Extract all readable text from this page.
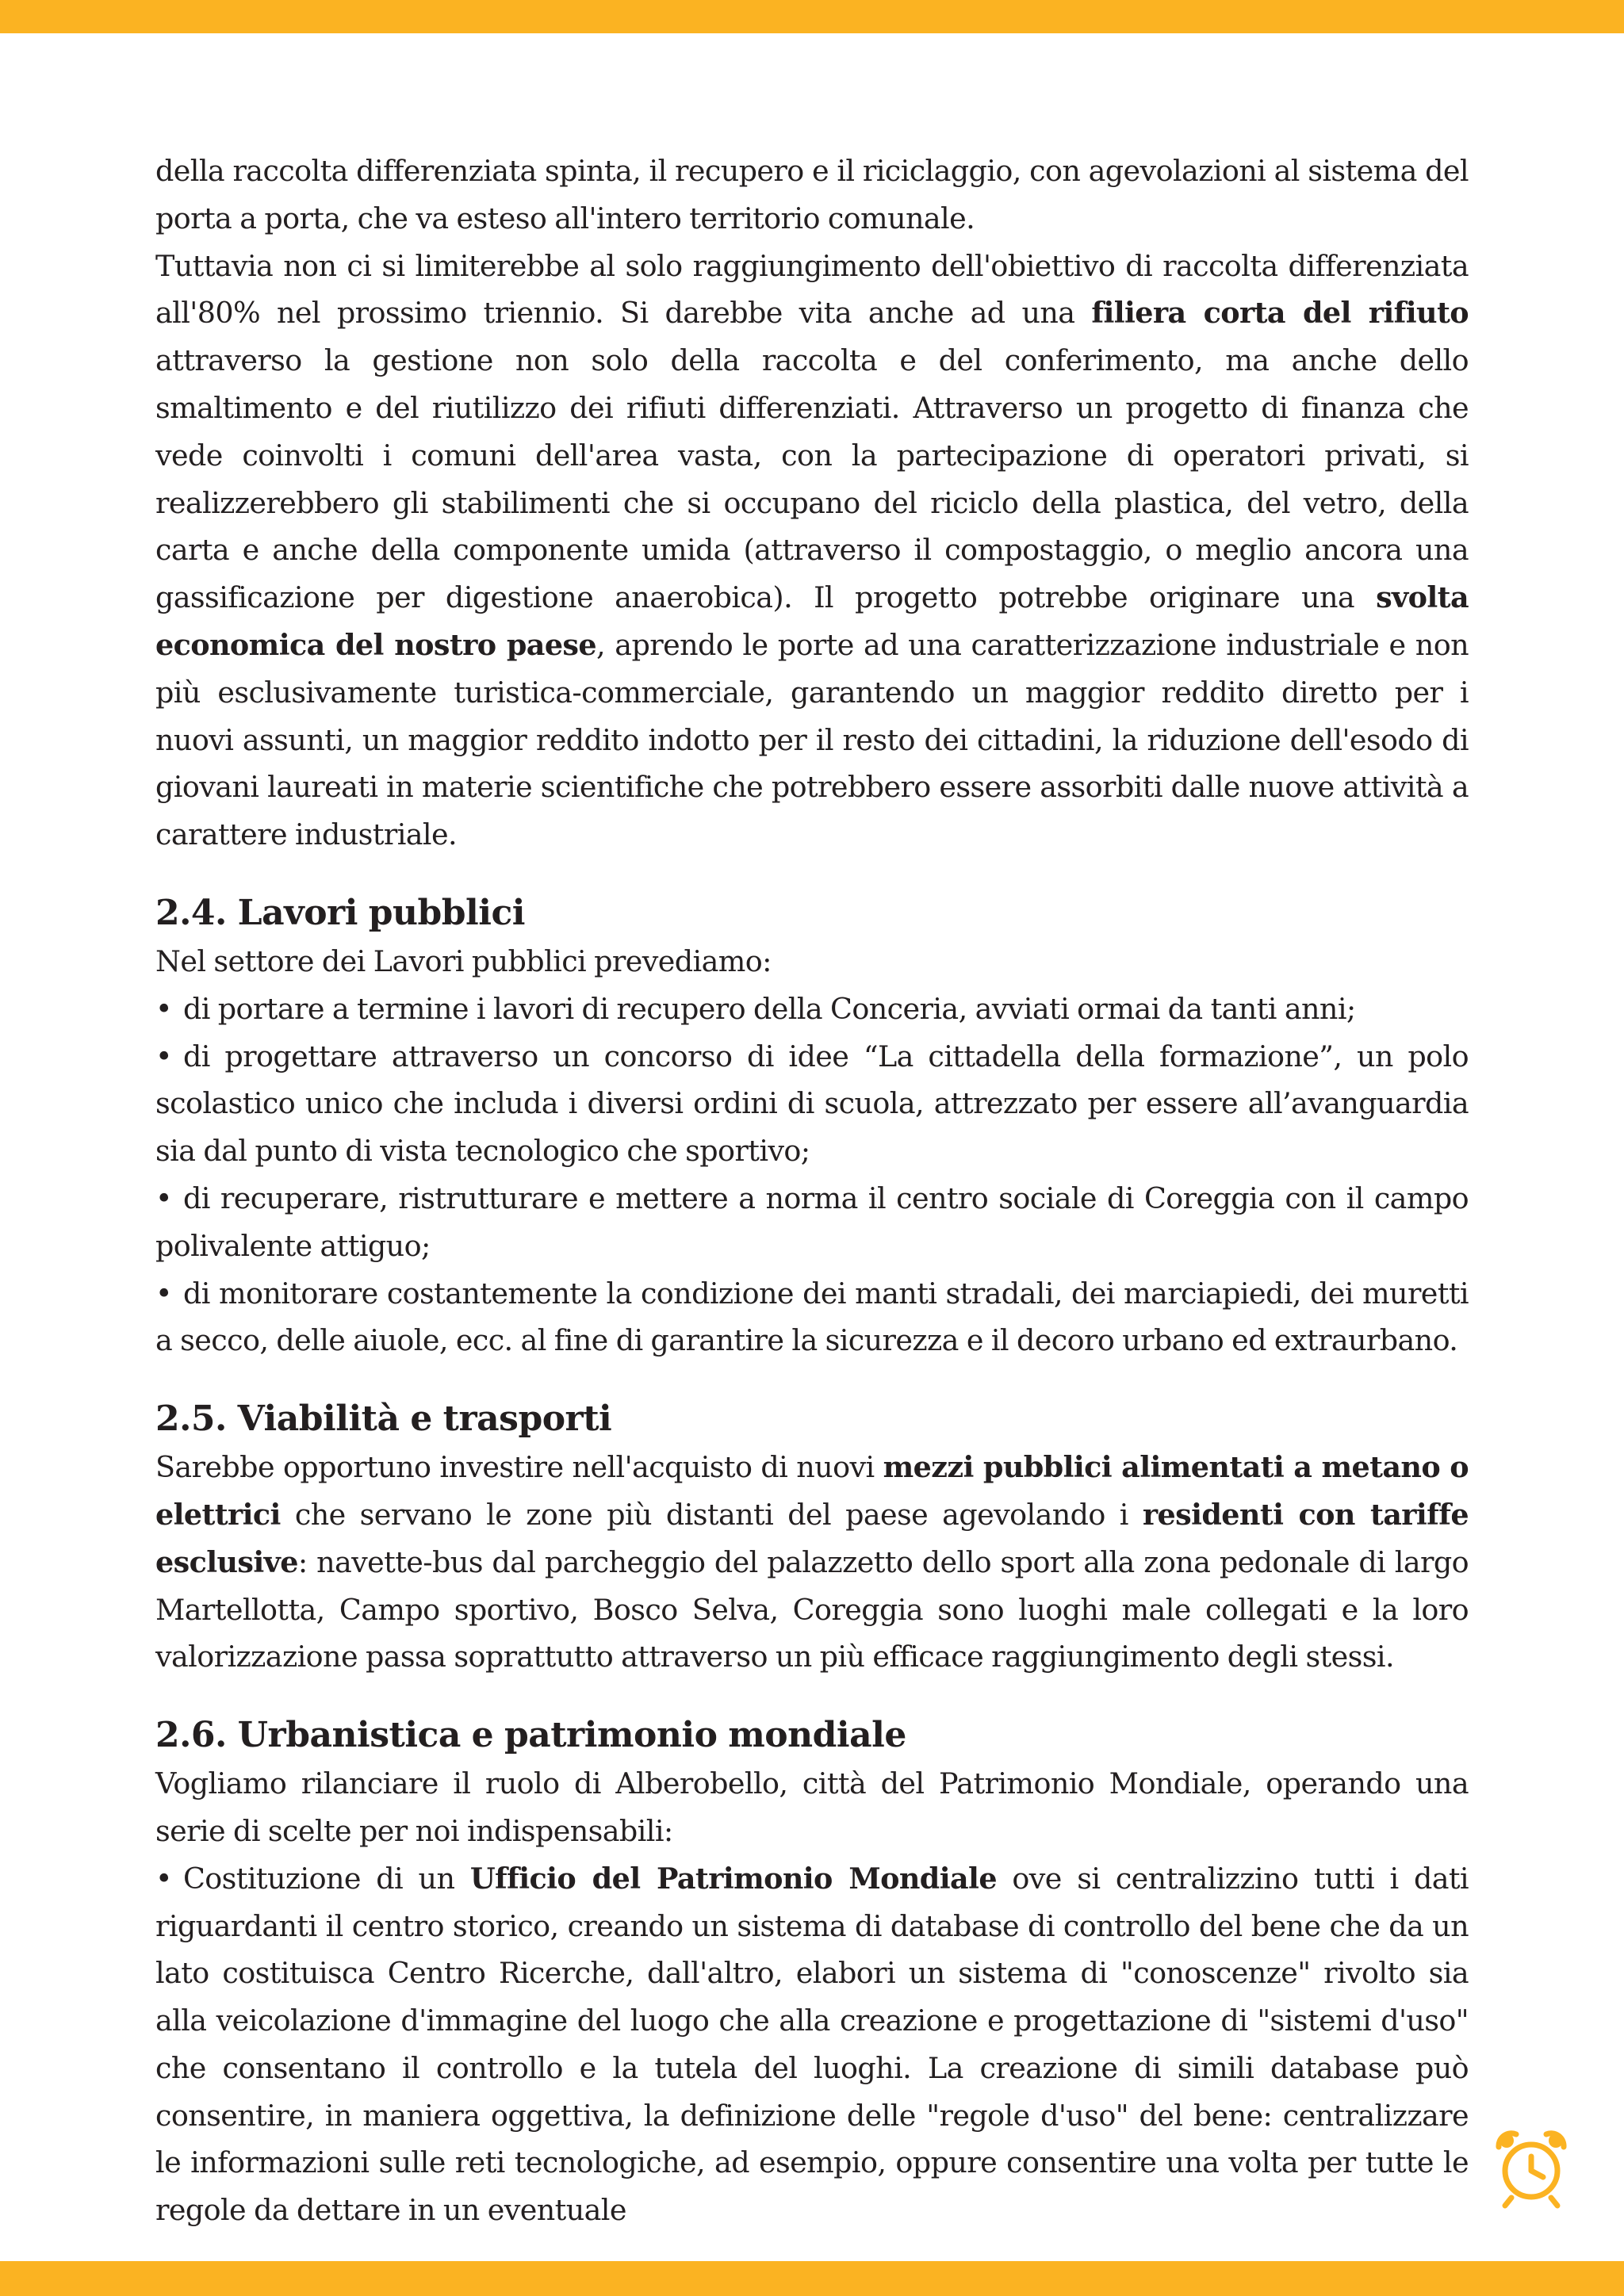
della raccolta differenziata spinta, il recupero e il riciclaggio, con agevolazioni al sistema del porta a porta, che va esteso all'intero territorio comunale.

Tuttavia non ci si limiterebbe al solo raggiungimento dell'obiettivo di raccolta differenziata all'80% nel prossimo triennio. Si darebbe vita anche ad una filiera corta del rifiuto attraverso la gestione non solo della raccolta e del conferimento, ma anche dello smaltimento e del riutilizzo dei rifiuti differenziati. Attraverso un progetto di finanza che vede coinvolti i comuni dell'area vasta, con la partecipazione di operatori privati, si realizzerebbero gli stabilimenti che si occupano del riciclo della plastica, del vetro, della carta e anche della componente umida (attraverso il compostaggio, o meglio ancora una gassificazione per digestione anaerobica). Il progetto potrebbe originare una svolta economica del nostro paese, aprendo le porte ad una caratterizzazione industriale e non più esclusivamente turistica-commerciale, garantendo un maggior reddito diretto per i nuovi assunti, un maggior reddito indotto per il resto dei cittadini, la riduzione dell'esodo di giovani laureati in materie scientifiche che potrebbero essere assorbiti dalle nuove attività a carattere industriale.

2.4. Lavori pubblici

Nel settore dei Lavori pubblici prevediamo:

• di portare a termine i lavori di recupero della Conceria, avviati ormai da tanti anni;

• di progettare attraverso un concorso di idee “La cittadella della formazione”, un polo scolastico unico che includa i diversi ordini di scuola, attrezzato per essere all’avanguardia sia dal punto di vista tecnologico che sportivo;

• di recuperare, ristrutturare e mettere a norma il centro sociale di Coreggia con il campo polivalente attiguo;

• di monitorare costantemente la condizione dei manti stradali, dei marciapiedi, dei muretti a secco, delle aiuole, ecc. al fine di garantire la sicurezza e il decoro urbano ed extraurbano.

2.5. Viabilità e trasporti

Sarebbe opportuno investire nell'acquisto di nuovi mezzi pubblici alimentati a metano o elettrici che servano le zone più distanti del paese agevolando i residenti con tariffe esclusive: navette-bus dal parcheggio del palazzetto dello sport alla zona pedonale di largo Martellotta, Campo sportivo, Bosco Selva, Coreggia sono luoghi male collegati e la loro valorizzazione passa soprattutto attraverso un più efficace raggiungimento degli stessi.

2.6. Urbanistica e patrimonio mondiale

Vogliamo rilanciare il ruolo di Alberobello, città del Patrimonio Mondiale, operando una serie di scelte per noi indispensabili:

• Costituzione di un Ufficio del Patrimonio Mondiale ove si centralizzino tutti i dati riguardanti il centro storico, creando un sistema di database di controllo del bene che da un lato costituisca Centro Ricerche, dall'altro, elabori un sistema di "conoscenze" rivolto sia alla veicolazione d'immagine del luogo che alla creazione e progettazione di "sistemi d'uso" che consentano il controllo e la tutela del luoghi. La creazione di simili database può consentire, in maniera oggettiva, la definizione delle "regole d'uso" del bene: centralizzare le informazioni sulle reti tecnologiche, ad esempio, oppure consentire una volta per tutte le regole da dettare in un eventuale
